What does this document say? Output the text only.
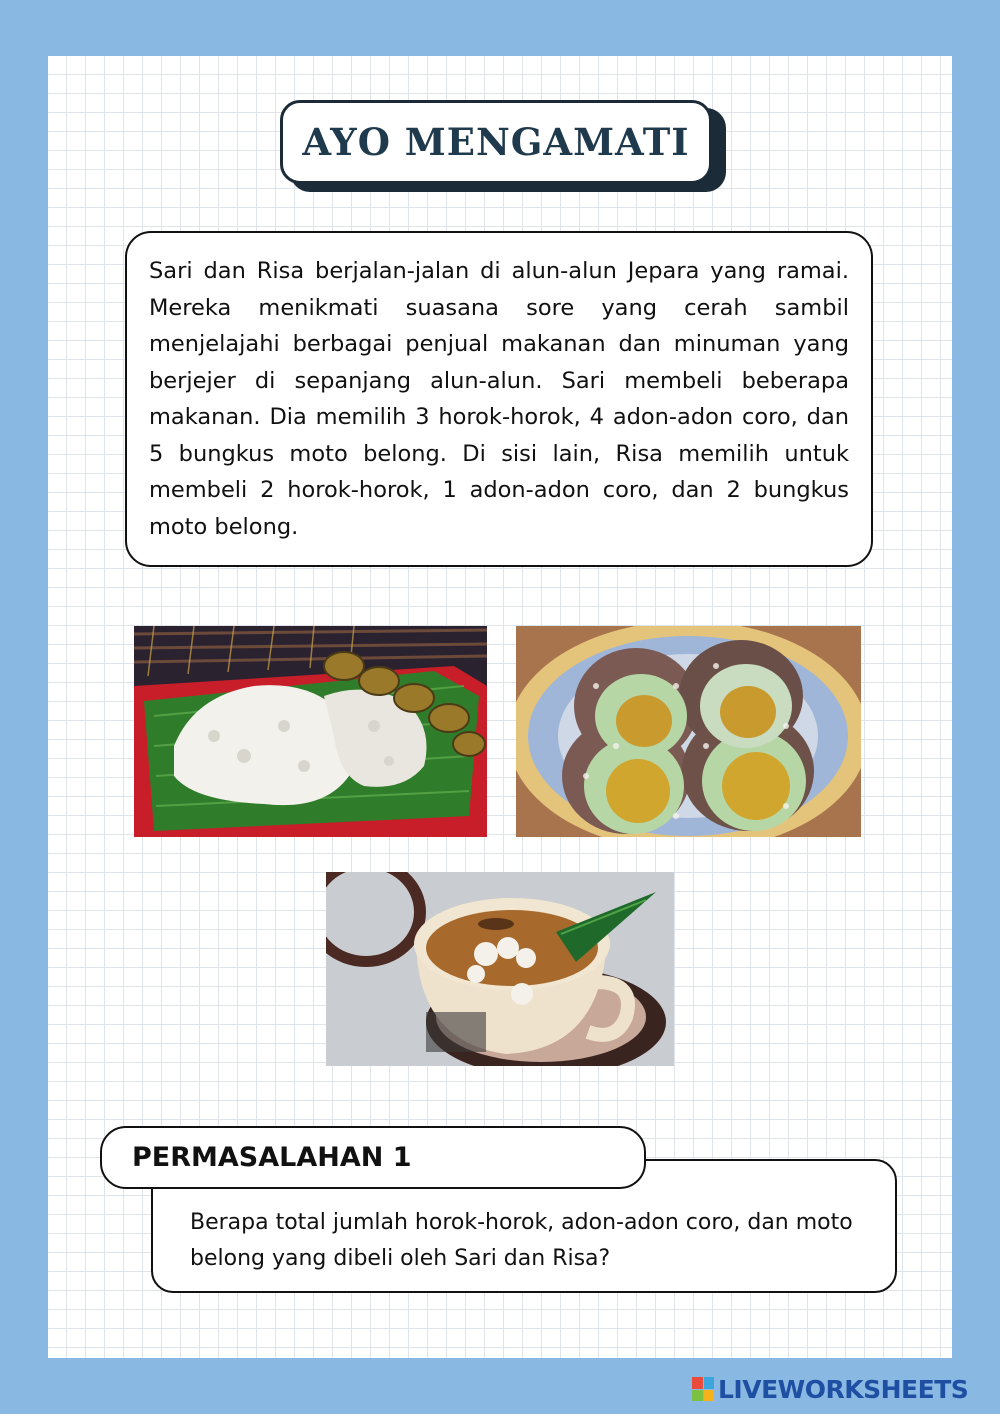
AYO MENGAMATI

Sari dan Risa berjalan-jalan di alun-alun Jepara yang ramai. Mereka menikmati suasana sore yang cerah sambil menjelajahi berbagai penjual makanan dan minuman yang berjejer di sepanjang alun-alun. Sari membeli beberapa makanan. Dia memilih 3 horok-horok, 4 adon-adon coro, dan 5 bungkus moto belong. Di sisi lain, Risa memilih untuk membeli 2 horok-horok, 1 adon-adon coro, dan 2 bungkus moto belong.

Berapa total jumlah horok-horok, adon-adon coro, dan moto belong yang dibeli oleh Sari dan Risa?

PERMASALAHAN 1
LIVEWORKSHEETS
